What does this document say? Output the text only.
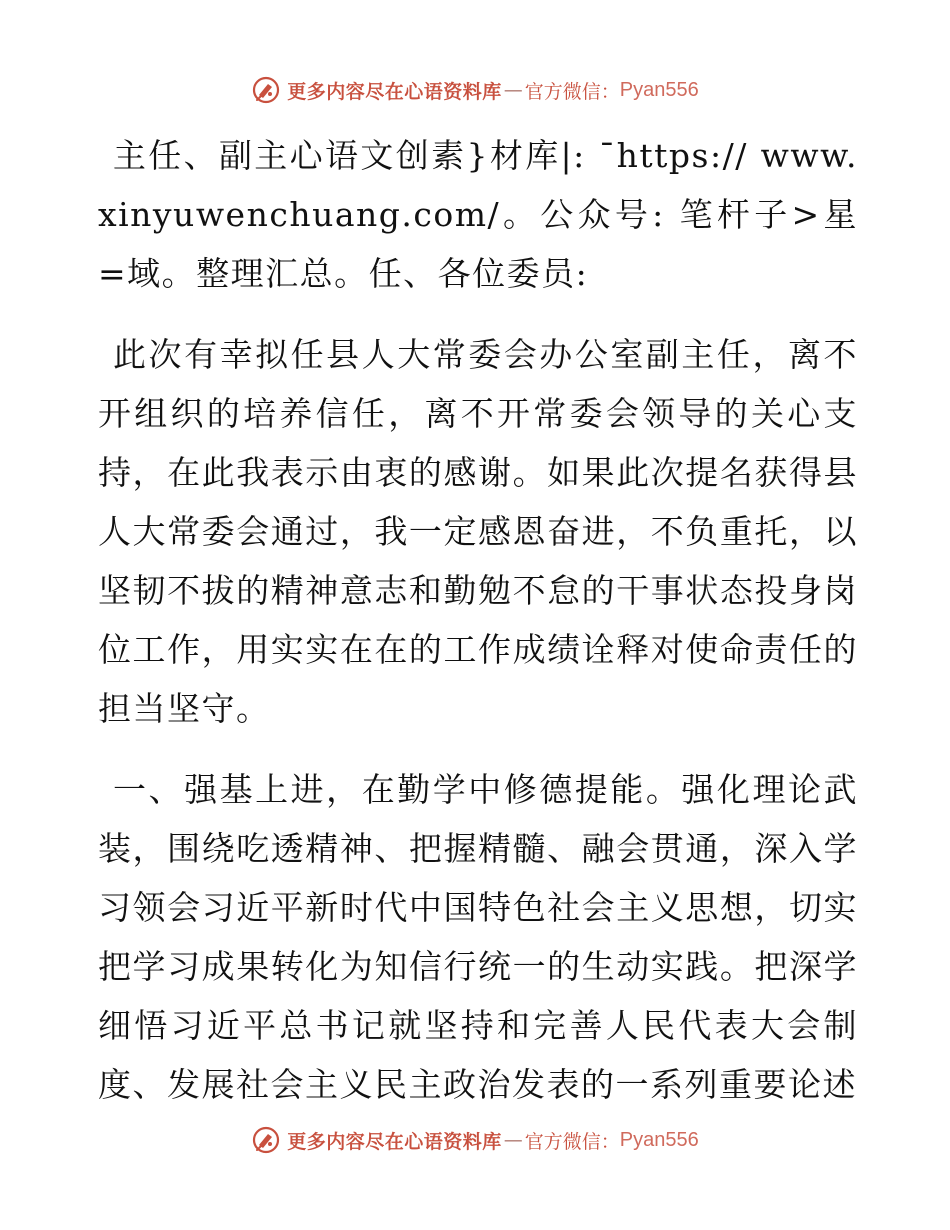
更多内容尽在心语资料库 — 官方微信： Pyan556

主任、副主心语文创素}材库|: ¯https:// www.xinyuwenchuang.com/。公众号: 笔杆子>星=域。整理汇总。任、各位委员:

此次有幸拟任县人大常委会办公室副主任，离不开组织的培养信任，离不开常委会领导的关心支持，在此我表示由衷的感谢。如果此次提名获得县人大常委会通过，我一定感恩奋进，不负重托，以坚韧不拔的精神意志和勤勉不怠的干事状态投身岗位工作，用实实在在的工作成绩诠释对使命责任的担当坚守。

一、强基上进，在勤学中修德提能。强化理论武装，围绕吃透精神、把握精髓、融会贯通，深入学习领会习近平新时代中国特色社会主义思想，切实把学习成果转化为知信行统一的生动实践。把深学细悟习近平总书记就坚持和完善人民代表大会制度、发展社会主义民主政治发表的一系列重要论述

更多内容尽在心语资料库 — 官方微信： Pyan556
